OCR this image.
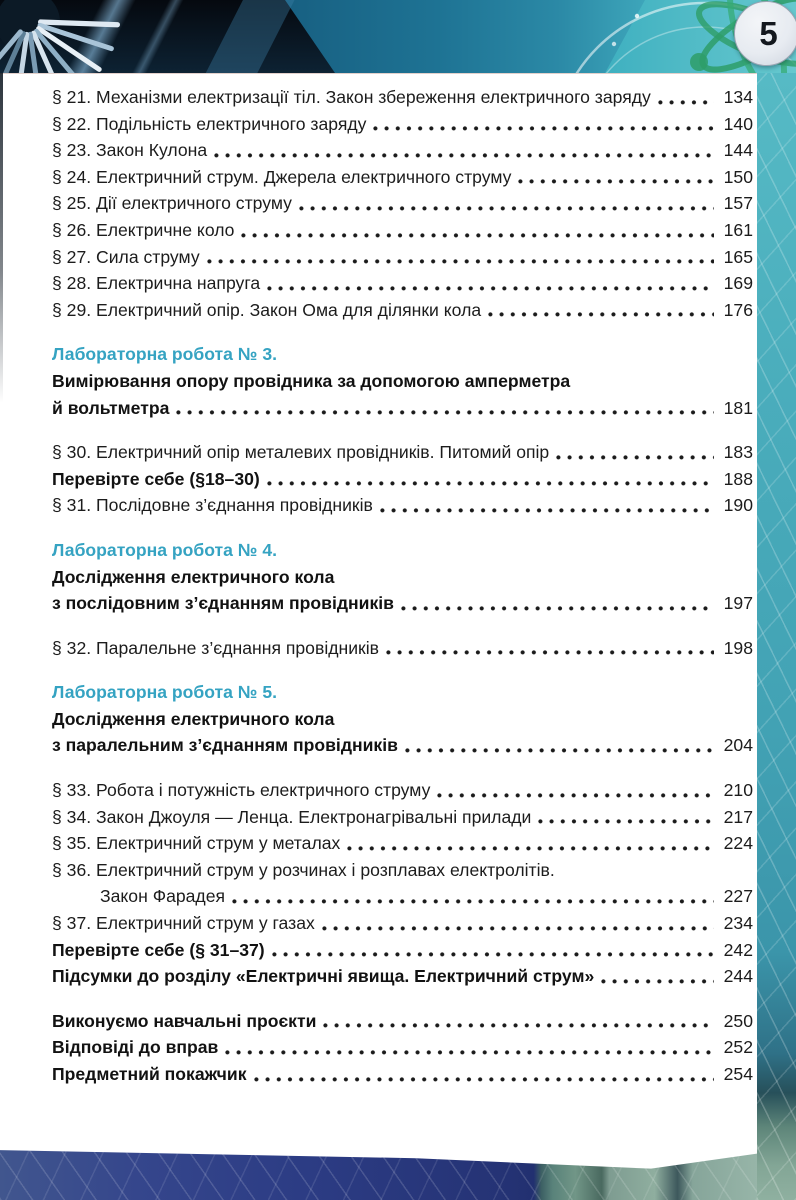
5
§ 21. Механізми електризації тіл. Закон збереження електричного заряду	134
§ 22. Подільність електричного заряду	140
§ 23. Закон Кулона	144
§ 24. Електричний струм. Джерела електричного струму	150
§ 25. Дії електричного струму	157
§ 26. Електричне коло	161
§ 27. Сила струму	165
§ 28. Електрична напруга	169
§ 29. Електричний опір. Закон Ома для ділянки кола	176
Лабораторна робота № 3.
Вимірювання опору провідника за допомогою амперметра
й вольтметра	181
§ 30. Електричний опір металевих провідників. Питомий опір	183
Перевірте себе (§18–30)	188
§ 31. Послідовне з’єднання провідників	190
Лабораторна робота № 4.
Дослідження електричного кола
з послідовним з’єднанням провідників	197
§ 32. Паралельне з’єднання провідників	198
Лабораторна робота № 5.
Дослідження електричного кола
з паралельним з’єднанням провідників	204
§ 33. Робота і потужність електричного струму	210
§ 34. Закон Джоуля — Ленца. Електронагрівальні прилади	217
§ 35. Електричний струм у металах	224
§ 36. Електричний струм у розчинах і розплавах електролітів.
Закон Фарадея	227
§ 37. Електричний струм у газах	234
Перевірте себе (§ 31–37)	242
Підсумки до розділу «Електричні явища. Електричний струм»	244
Виконуємо навчальні проєкти	250
Відповіді до вправ	252
Предметний покажчик	254
